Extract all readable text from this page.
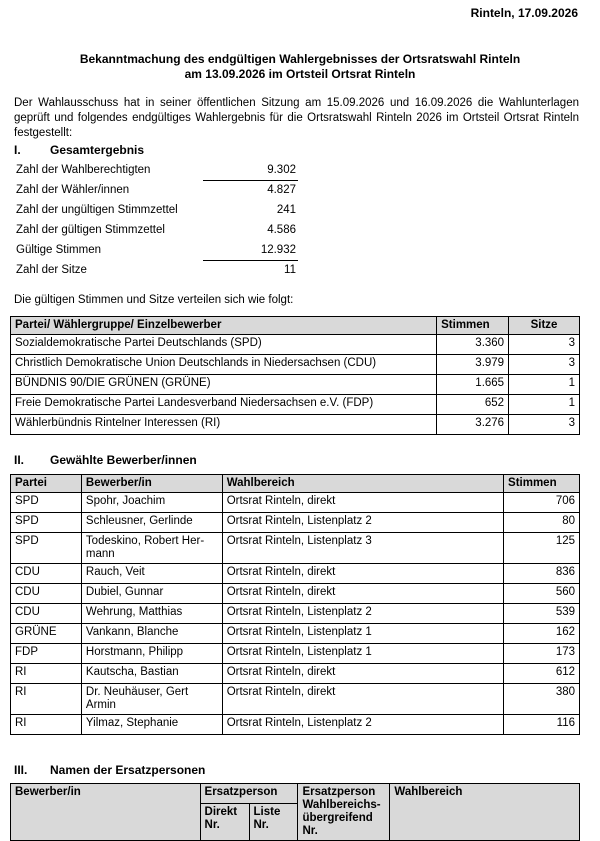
Rinteln, 17.09.2026
Bekanntmachung des endgültigen Wahlergebnisses der Ortsratswahl Rinteln
am 13.09.2026 im Ortsteil Ortsrat Rinteln

Der Wahlausschuss hat in seiner öffentlichen Sitzung am 15.09.2026 und 16.09.2026 die Wahlunterlagen geprüft und folgendes endgültiges Wahlergebnis für die Ortsratswahl Rinteln 2026 im Ortsteil Ortsrat Rinteln festgestellt:

I. Gesamtergebnis
Zahl der Wahlberechtigten	9.302
Zahl der Wähler/innen	4.827
Zahl der ungültigen Stimmzettel	241
Zahl der gültigen Stimmzettel	4.586
Gültige Stimmen	12.932
Zahl der Sitze	11
Die gültigen Stimmen und Sitze verteilen sich wie folgt:
Partei/ Wählergruppe/ Einzelbewerber	Stimmen	Sitze
Sozialdemokratische Partei Deutschlands (SPD)	3.360	3
Christlich Demokratische Union Deutschlands in Niedersachsen (CDU)	3.979	3
BÜNDNIS 90/DIE GRÜNEN (GRÜNE)	1.665	1
Freie Demokratische Partei Landesverband Niedersachsen e.V. (FDP)	652	1
Wählerbündnis Rintelner Interessen (RI)	3.276	3
II. Gewählte Bewerber/innen
Partei	Bewerber/in	Wahlbereich	Stimmen
SPD	Spohr, Joachim	Ortsrat Rinteln, direkt	706
SPD	Schleusner, Gerlinde	Ortsrat Rinteln, Listenplatz 2	80
SPD	Todeskino, Robert Her-mann	Ortsrat Rinteln, Listenplatz 3	125
CDU	Rauch, Veit	Ortsrat Rinteln, direkt	836
CDU	Dubiel, Gunnar	Ortsrat Rinteln, direkt	560
CDU	Wehrung, Matthias	Ortsrat Rinteln, Listenplatz 2	539
GRÜNE	Vankann, Blanche	Ortsrat Rinteln, Listenplatz 1	162
FDP	Horstmann, Philipp	Ortsrat Rinteln, Listenplatz 1	173
RI	Kautscha, Bastian	Ortsrat Rinteln, direkt	612
RI	Dr. Neuhäuser, Gert Armin	Ortsrat Rinteln, direkt	380
RI	Yilmaz, Stephanie	Ortsrat Rinteln, Listenplatz 2	116
III. Namen der Ersatzpersonen
Bewerber/in	Ersatzperson		Ersatzperson Wahlbereichs-übergreifend Nr.	Wahlbereich
	Direkt Nr.	Liste Nr.		
